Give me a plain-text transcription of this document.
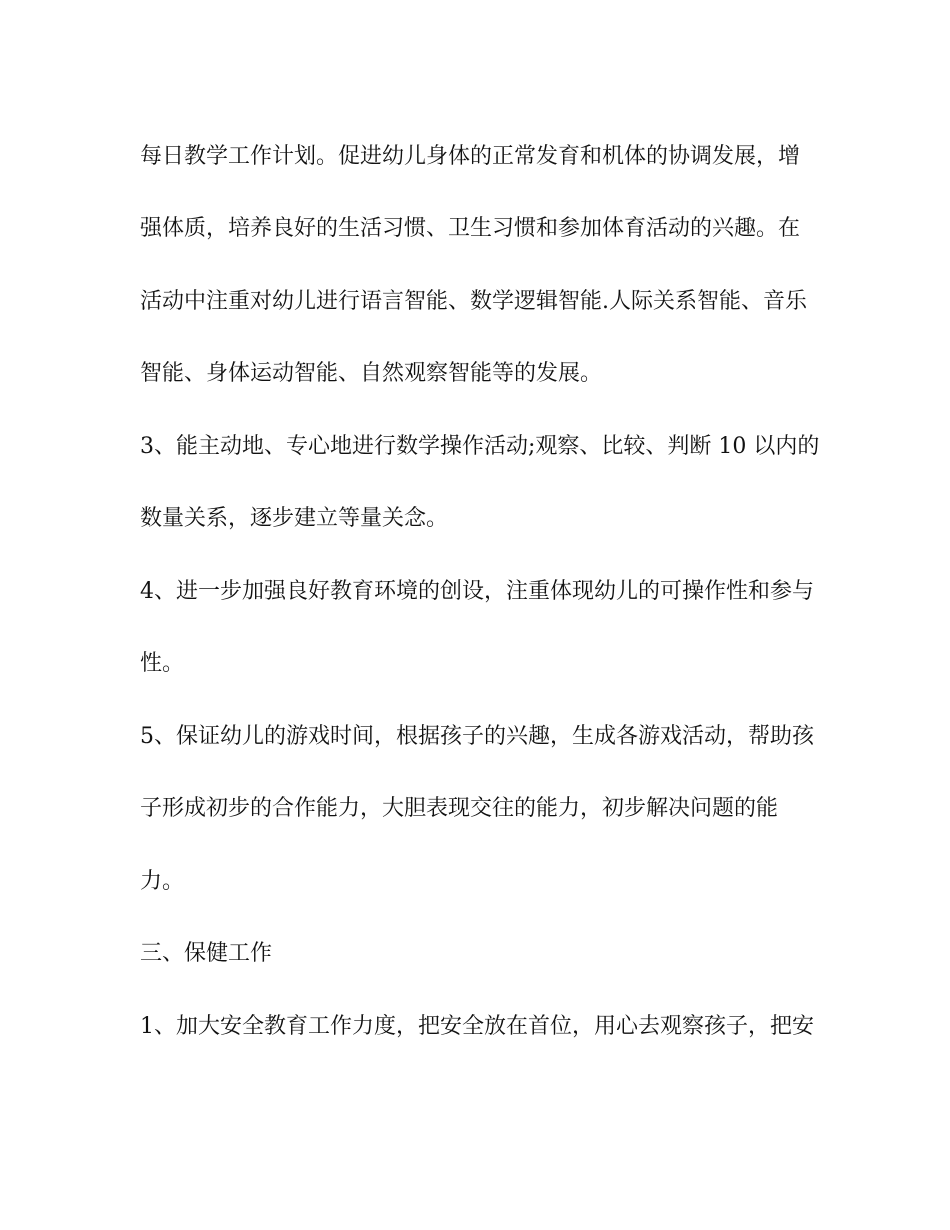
每日教学工作计划。促进幼儿身体的正常发育和机体的协调发展，增
强体质，培养良好的生活习惯、卫生习惯和参加体育活动的兴趣。在
活动中注重对幼儿进行语言智能、数学逻辑智能.人际关系智能、音乐
智能、身体运动智能、自然观察智能等的发展。
3、能主动地、专心地进行数学操作活动;观察、比较、判断 10 以内的
数量关系，逐步建立等量关念。
4、进一步加强良好教育环境的创设，注重体现幼儿的可操作性和参与
性。
5、保证幼儿的游戏时间，根据孩子的兴趣，生成各游戏活动，帮助孩
子形成初步的合作能力，大胆表现交往的能力，初步解决问题的能
力。
三、保健工作
1、加大安全教育工作力度，把安全放在首位，用心去观察孩子，把安
